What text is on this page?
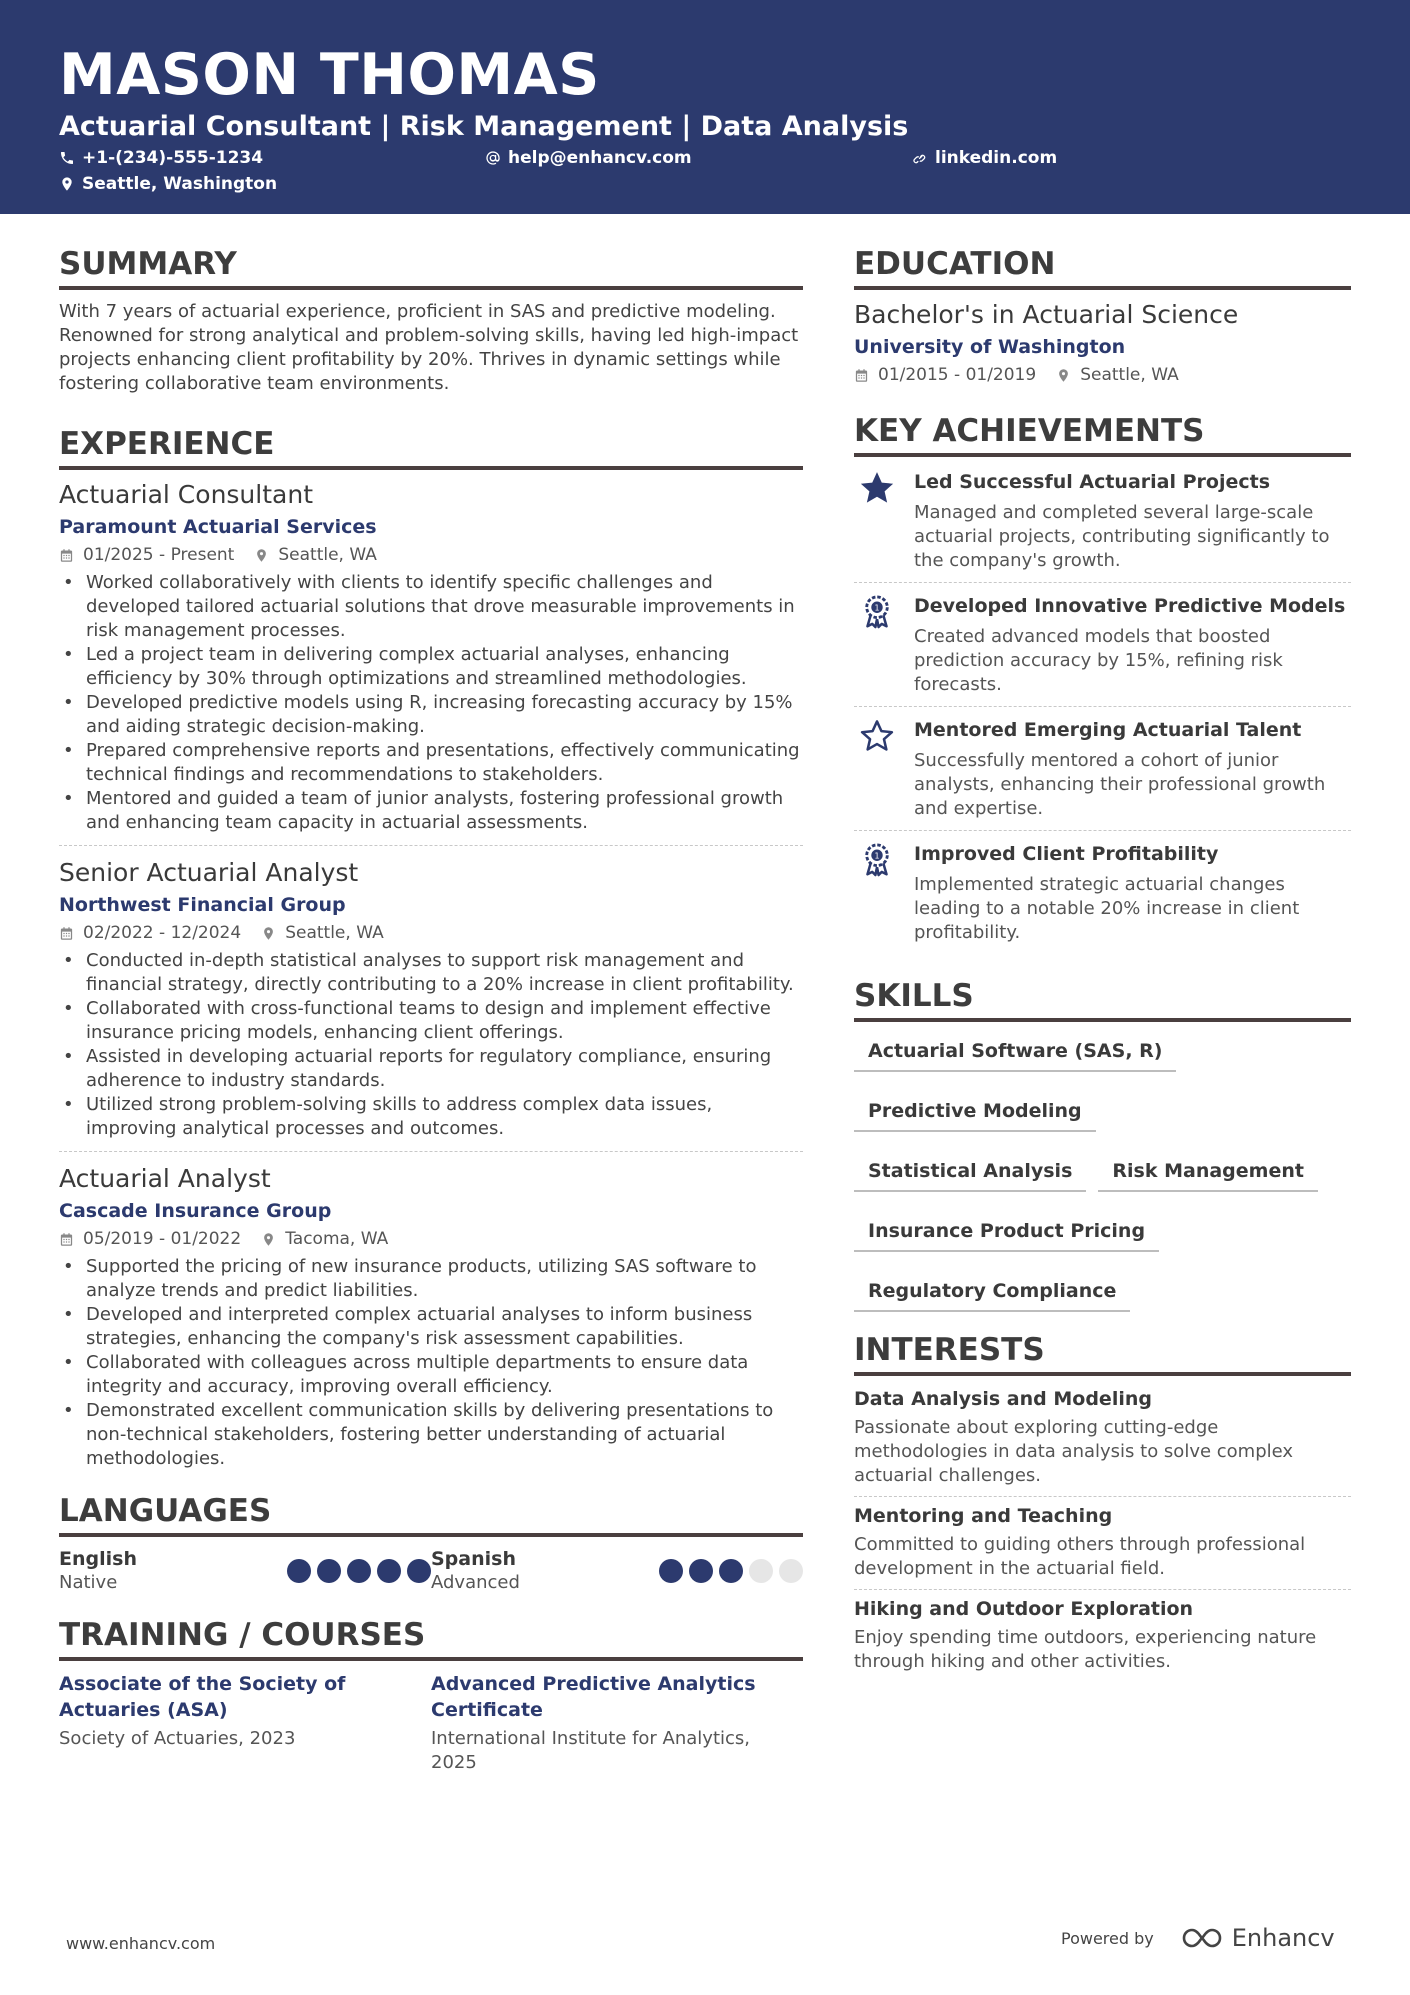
MASON THOMAS
Actuarial Consultant | Risk Management | Data Analysis
+1-(234)-555-1234	help@enhancv.com	linkedin.com
Seattle, Washington
SUMMARY
With 7 years of actuarial experience, proficient in SAS and predictive modeling. Renowned for strong analytical and problem-solving skills, having led high-impact projects enhancing client profitability by 20%. Thrives in dynamic settings while fostering collaborative team environments.
EXPERIENCE
Actuarial Consultant
Paramount Actuarial Services
01/2025 - Present	Seattle, WA
• Worked collaboratively with clients to identify specific challenges and developed tailored actuarial solutions that drove measurable improvements in risk management processes.
• Led a project team in delivering complex actuarial analyses, enhancing efficiency by 30% through optimizations and streamlined methodologies.
• Developed predictive models using R, increasing forecasting accuracy by 15% and aiding strategic decision-making.
• Prepared comprehensive reports and presentations, effectively communicating technical findings and recommendations to stakeholders.
• Mentored and guided a team of junior analysts, fostering professional growth and enhancing team capacity in actuarial assessments.
Senior Actuarial Analyst
Northwest Financial Group
02/2022 - 12/2024	Seattle, WA
• Conducted in-depth statistical analyses to support risk management and financial strategy, directly contributing to a 20% increase in client profitability.
• Collaborated with cross-functional teams to design and implement effective insurance pricing models, enhancing client offerings.
• Assisted in developing actuarial reports for regulatory compliance, ensuring adherence to industry standards.
• Utilized strong problem-solving skills to address complex data issues, improving analytical processes and outcomes.
Actuarial Analyst
Cascade Insurance Group
05/2019 - 01/2022	Tacoma, WA
• Supported the pricing of new insurance products, utilizing SAS software to analyze trends and predict liabilities.
• Developed and interpreted complex actuarial analyses to inform business strategies, enhancing the company's risk assessment capabilities.
• Collaborated with colleagues across multiple departments to ensure data integrity and accuracy, improving overall efficiency.
• Demonstrated excellent communication skills by delivering presentations to non-technical stakeholders, fostering better understanding of actuarial methodologies.
LANGUAGES
English
Native
Spanish
Advanced
TRAINING / COURSES
Associate of the Society of Actuaries (ASA)
Society of Actuaries, 2023
Advanced Predictive Analytics Certificate
International Institute for Analytics, 2025
EDUCATION
Bachelor's in Actuarial Science
University of Washington
01/2015 - 01/2019	Seattle, WA
KEY ACHIEVEMENTS
Led Successful Actuarial Projects
Managed and completed several large-scale actuarial projects, contributing significantly to the company's growth.
1 Developed Innovative Predictive Models
Created advanced models that boosted prediction accuracy by 15%, refining risk forecasts.
Mentored Emerging Actuarial Talent
Successfully mentored a cohort of junior analysts, enhancing their professional growth and expertise.
1 Improved Client Profitability
Implemented strategic actuarial changes leading to a notable 20% increase in client profitability.
SKILLS
Actuarial Software (SAS, R)Predictive ModelingStatistical Analysis Risk ManagementInsurance Product PricingRegulatory Compliance
INTERESTS
Data Analysis and Modeling
Passionate about exploring cutting-edge methodologies in data analysis to solve complex actuarial challenges.
Mentoring and Teaching
Committed to guiding others through professional development in the actuarial field.
Hiking and Outdoor Exploration
Enjoy spending time outdoors, experiencing nature through hiking and other activities.
www.enhancv.com	Powered by	Enhancv
